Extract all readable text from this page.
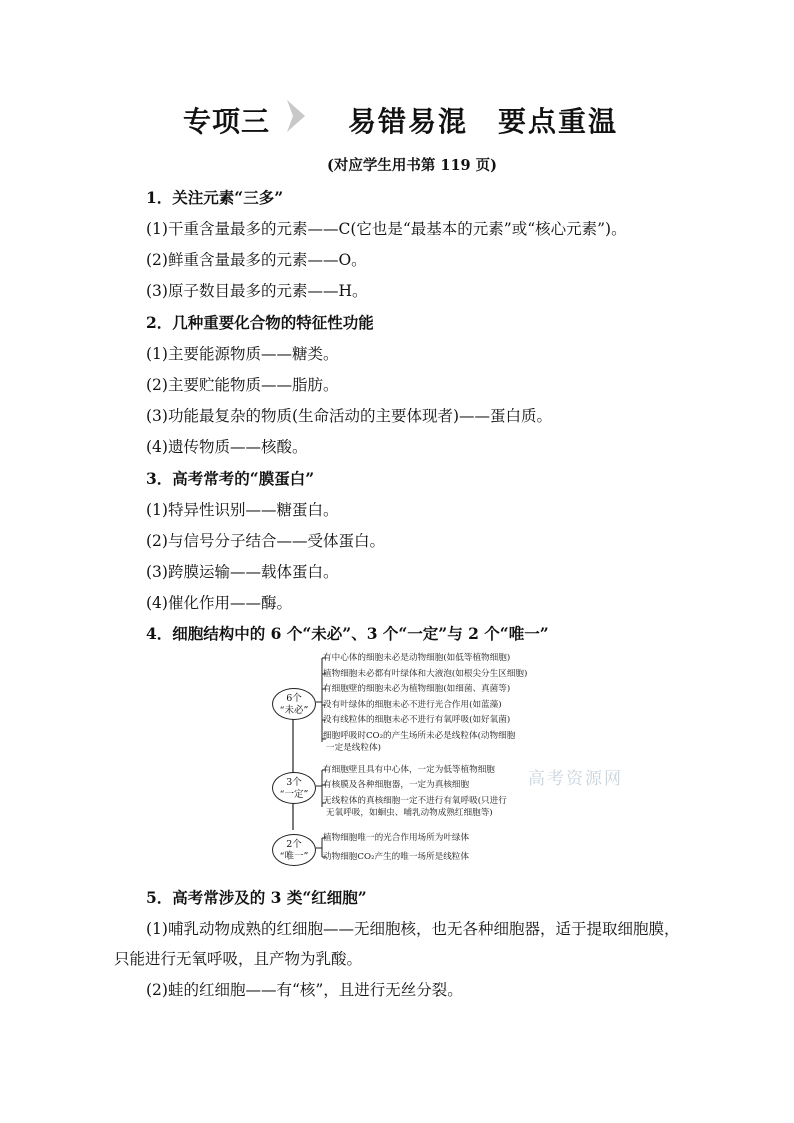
专项三	易错易混 要点重温
(对应学生用书第 119 页)
1．关注元素“三多”
(1)干重含量最多的元素——C(它也是“最基本的元素”或“核心元素”)。
(2)鲜重含量最多的元素——O。
(3)原子数目最多的元素——H。
2．几种重要化合物的特征性功能
(1)主要能源物质——糖类。
(2)主要贮能物质——脂肪。
(3)功能最复杂的物质(生命活动的主要体现者)——蛋白质。
(4)遗传物质——核酸。
3．高考常考的“膜蛋白”
(1)特异性识别——糖蛋白。
(2)与信号分子结合——受体蛋白。
(3)跨膜运输——载体蛋白。
(4)催化作用——酶。
4．细胞结构中的 6 个“未必”、3 个“一定”与 2 个“唯一”
6个
“未必”
3个
“一定”
2个
“唯一”
有中心体的细胞未必是动物细胞(如低等植物细胞)
植物细胞未必都有叶绿体和大液泡(如根尖分生区细胞)
有细胞壁的细胞未必为植物细胞(如细菌、真菌等)
没有叶绿体的细胞未必不进行光合作用(如蓝藻)
没有线粒体的细胞未必不进行有氧呼吸(如好氧菌)
细胞呼吸时CO₂的产生场所未必是线粒体(动物细胞
一定是线粒体)
有细胞壁且具有中心体，一定为低等植物细胞
有核膜及各种细胞器，一定为真核细胞
无线粒体的真核细胞一定不进行有氧呼吸(只进行
无氧呼吸，如蛔虫、哺乳动物成熟红细胞等)
植物细胞唯一的光合作用场所为叶绿体
动物细胞CO₂产生的唯一场所是线粒体
高考资源网
5．高考常涉及的 3 类“红细胞”
(1)哺乳动物成熟的红细胞——无细胞核，也无各种细胞器，适于提取细胞膜，
只能进行无氧呼吸，且产物为乳酸。
(2)蛙的红细胞——有“核”，且进行无丝分裂。
